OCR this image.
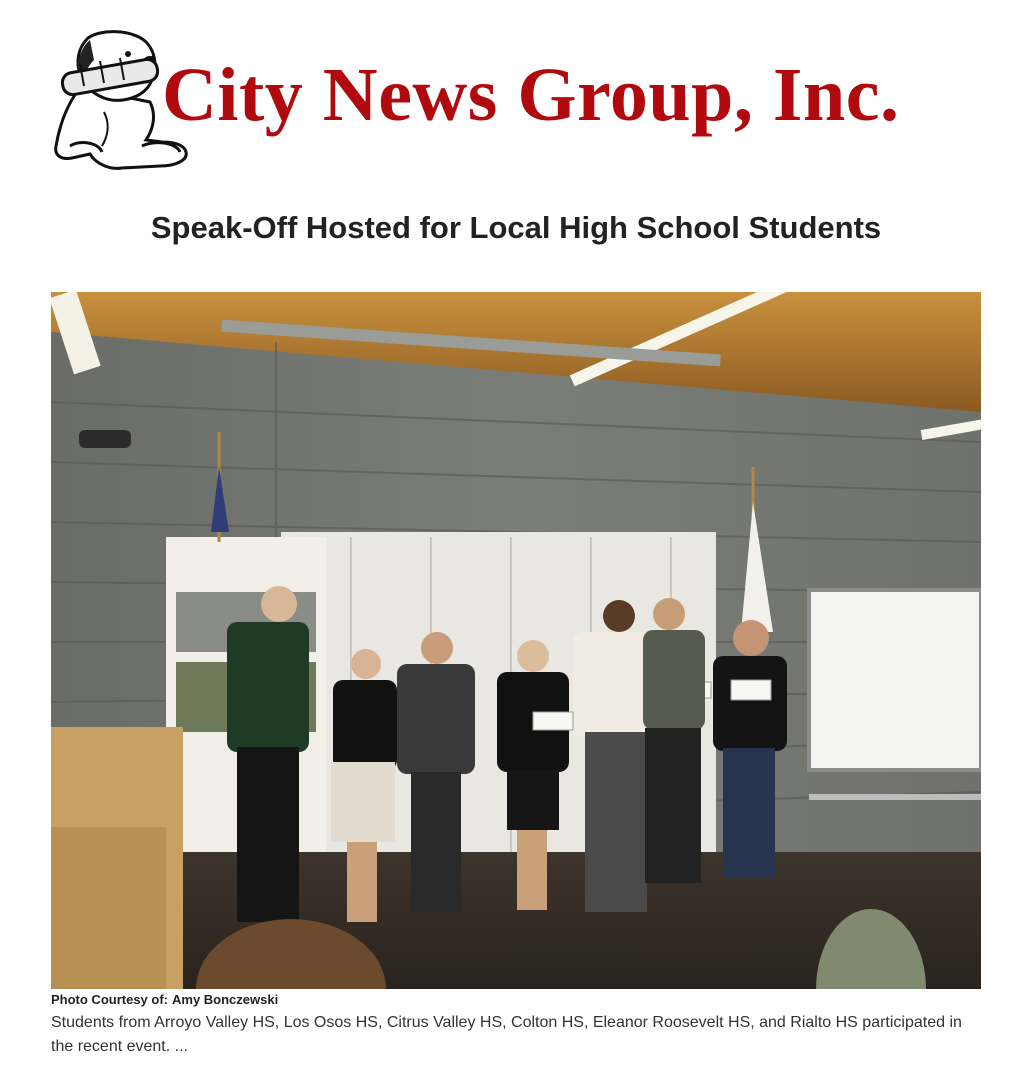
City News Group, Inc.
Speak-Off Hosted for Local High School Students

Photo Courtesy of: Amy Bonczewski

Students from Arroyo Valley HS, Los Osos HS, Citrus Valley HS, Colton HS, Eleanor Roosevelt HS, and Rialto HS participated in the recent event. ...
